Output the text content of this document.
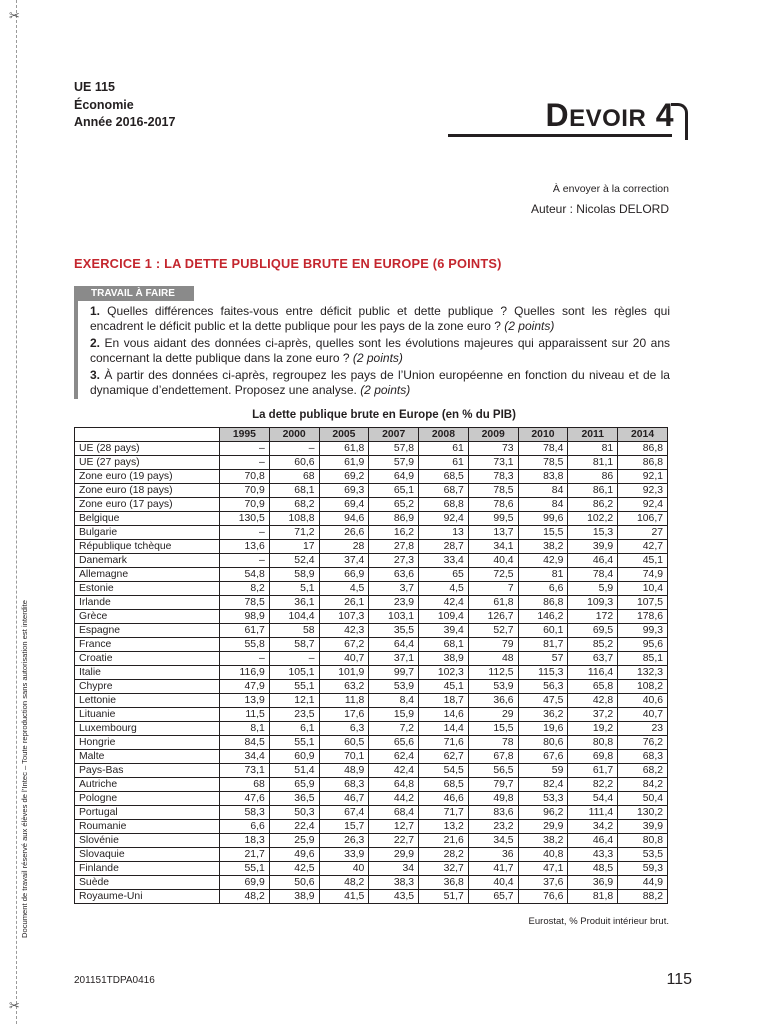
✂
✂
Document de travail réservé aux élèves de l’Intec – Toute reproduction sans autorisation est interdite
UE 115
Économie
Année 2016-2017	DEVOIR 4
À envoyer à la correction
Auteur : Nicolas DELORD
EXERCICE 1 : LA DETTE PUBLIQUE BRUTE EN EUROPE (6 POINTS)
TRAVAIL À FAIRE

1. Quelles différences faites-vous entre déficit public et dette publique ? Quelles sont les règles qui encadrent le déficit public et la dette publique pour les pays de la zone euro ? (2 points)

2. En vous aidant des données ci-après, quelles sont les évolutions majeures qui apparaissent sur 20 ans concernant la dette publique dans la zone euro ? (2 points)

3. À partir des données ci-après, regroupez les pays de l’Union européenne en fonction du niveau et de la dynamique d’endettement. Proposez une analyse. (2 points)

La dette publique brute en Europe (en % du PIB)
	1995	2000	2005	2007	2008	2009	2010	2011	2014
UE (28 pays)	–	–	61,8	57,8	61	73	78,4	81	86,8
UE (27 pays)	–	60,6	61,9	57,9	61	73,1	78,5	81,1	86,8
Zone euro (19 pays)	70,8	68	69,2	64,9	68,5	78,3	83,8	86	92,1
Zone euro (18 pays)	70,9	68,1	69,3	65,1	68,7	78,5	84	86,1	92,3
Zone euro (17 pays)	70,9	68,2	69,4	65,2	68,8	78,6	84	86,2	92,4
Belgique	130,5	108,8	94,6	86,9	92,4	99,5	99,6	102,2	106,7
Bulgarie	–	71,2	26,6	16,2	13	13,7	15,5	15,3	27
République tchèque	13,6	17	28	27,8	28,7	34,1	38,2	39,9	42,7
Danemark	–	52,4	37,4	27,3	33,4	40,4	42,9	46,4	45,1
Allemagne	54,8	58,9	66,9	63,6	65	72,5	81	78,4	74,9
Estonie	8,2	5,1	4,5	3,7	4,5	7	6,6	5,9	10,4
Irlande	78,5	36,1	26,1	23,9	42,4	61,8	86,8	109,3	107,5
Grèce	98,9	104,4	107,3	103,1	109,4	126,7	146,2	172	178,6
Espagne	61,7	58	42,3	35,5	39,4	52,7	60,1	69,5	99,3
France	55,8	58,7	67,2	64,4	68,1	79	81,7	85,2	95,6
Croatie	–	–	40,7	37,1	38,9	48	57	63,7	85,1
Italie	116,9	105,1	101,9	99,7	102,3	112,5	115,3	116,4	132,3
Chypre	47,9	55,1	63,2	53,9	45,1	53,9	56,3	65,8	108,2
Lettonie	13,9	12,1	11,8	8,4	18,7	36,6	47,5	42,8	40,6
Lituanie	11,5	23,5	17,6	15,9	14,6	29	36,2	37,2	40,7
Luxembourg	8,1	6,1	6,3	7,2	14,4	15,5	19,6	19,2	23
Hongrie	84,5	55,1	60,5	65,6	71,6	78	80,6	80,8	76,2
Malte	34,4	60,9	70,1	62,4	62,7	67,8	67,6	69,8	68,3
Pays-Bas	73,1	51,4	48,9	42,4	54,5	56,5	59	61,7	68,2
Autriche	68	65,9	68,3	64,8	68,5	79,7	82,4	82,2	84,2
Pologne	47,6	36,5	46,7	44,2	46,6	49,8	53,3	54,4	50,4
Portugal	58,3	50,3	67,4	68,4	71,7	83,6	96,2	111,4	130,2
Roumanie	6,6	22,4	15,7	12,7	13,2	23,2	29,9	34,2	39,9
Slovénie	18,3	25,9	26,3	22,7	21,6	34,5	38,2	46,4	80,8
Slovaquie	21,7	49,6	33,9	29,9	28,2	36	40,8	43,3	53,5
Finlande	55,1	42,5	40	34	32,7	41,7	47,1	48,5	59,3
Suède	69,9	50,6	48,2	38,3	36,8	40,4	37,6	36,9	44,9
Royaume-Uni	48,2	38,9	41,5	43,5	51,7	65,7	76,6	81,8	88,2
Eurostat, % Produit intérieur brut.
201151TDPA0416	115
